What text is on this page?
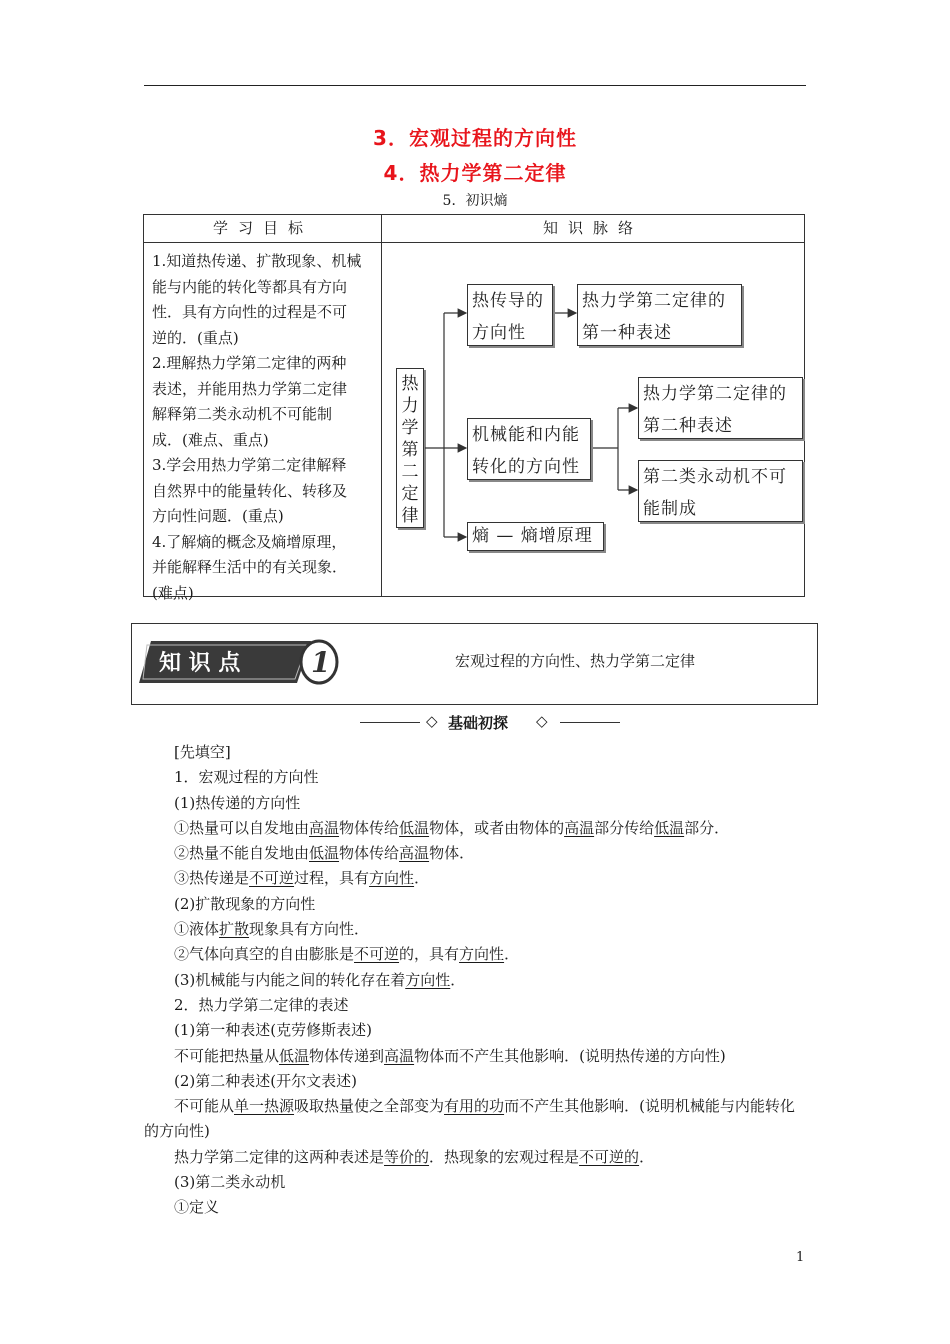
3．宏观过程的方向性
4．热力学第二定律
5．初识熵
学习目标	知识脉络
1.知道热传递、扩散现象、机械
能与内能的转化等都具有方向
性．具有方向性的过程是不可
逆的．(重点)
2.理解热力学第二定律的两种
表述，并能用热力学第二定律
解释第二类永动机不可能制
成．(难点、重点)
3.学会用热力学第二定律解释
自然界中的能量转化、转移及
方向性问题．(重点)
4.了解熵的概念及熵增原理，
并能解释生活中的有关现象．
(难点)
热
力
学
第
二
定
律
热传导的
方向性
热力学第二定律的
第一种表述
机械能和内能
转化的方向性
热力学第二定律的
第二种表述
第二类永动机不可
能制成
熵 — 熵增原理
知 识 点	1	宏观过程的方向性、热力学第二定律
◇ 基础初探 ◇
[先填空]
1．宏观过程的方向性
(1)热传递的方向性
①热量可以自发地由高温物体传给低温物体，或者由物体的高温部分传给低温部分．
②热量不能自发地由低温物体传给高温物体．
③热传递是不可逆过程，具有方向性．
(2)扩散现象的方向性
①液体扩散现象具有方向性．
②气体向真空的自由膨胀是不可逆的，具有方向性．
(3)机械能与内能之间的转化存在着方向性．
2．热力学第二定律的表述
(1)第一种表述(克劳修斯表述)
不可能把热量从低温物体传递到高温物体而不产生其他影响．(说明热传递的方向性)
(2)第二种表述(开尔文表述)
不可能从单一热源吸取热量使之全部变为有用的功而不产生其他影响．(说明机械能与内能转化的方向性)
热力学第二定律的这两种表述是等价的．热现象的宏观过程是不可逆的．
(3)第二类永动机
①定义
1
